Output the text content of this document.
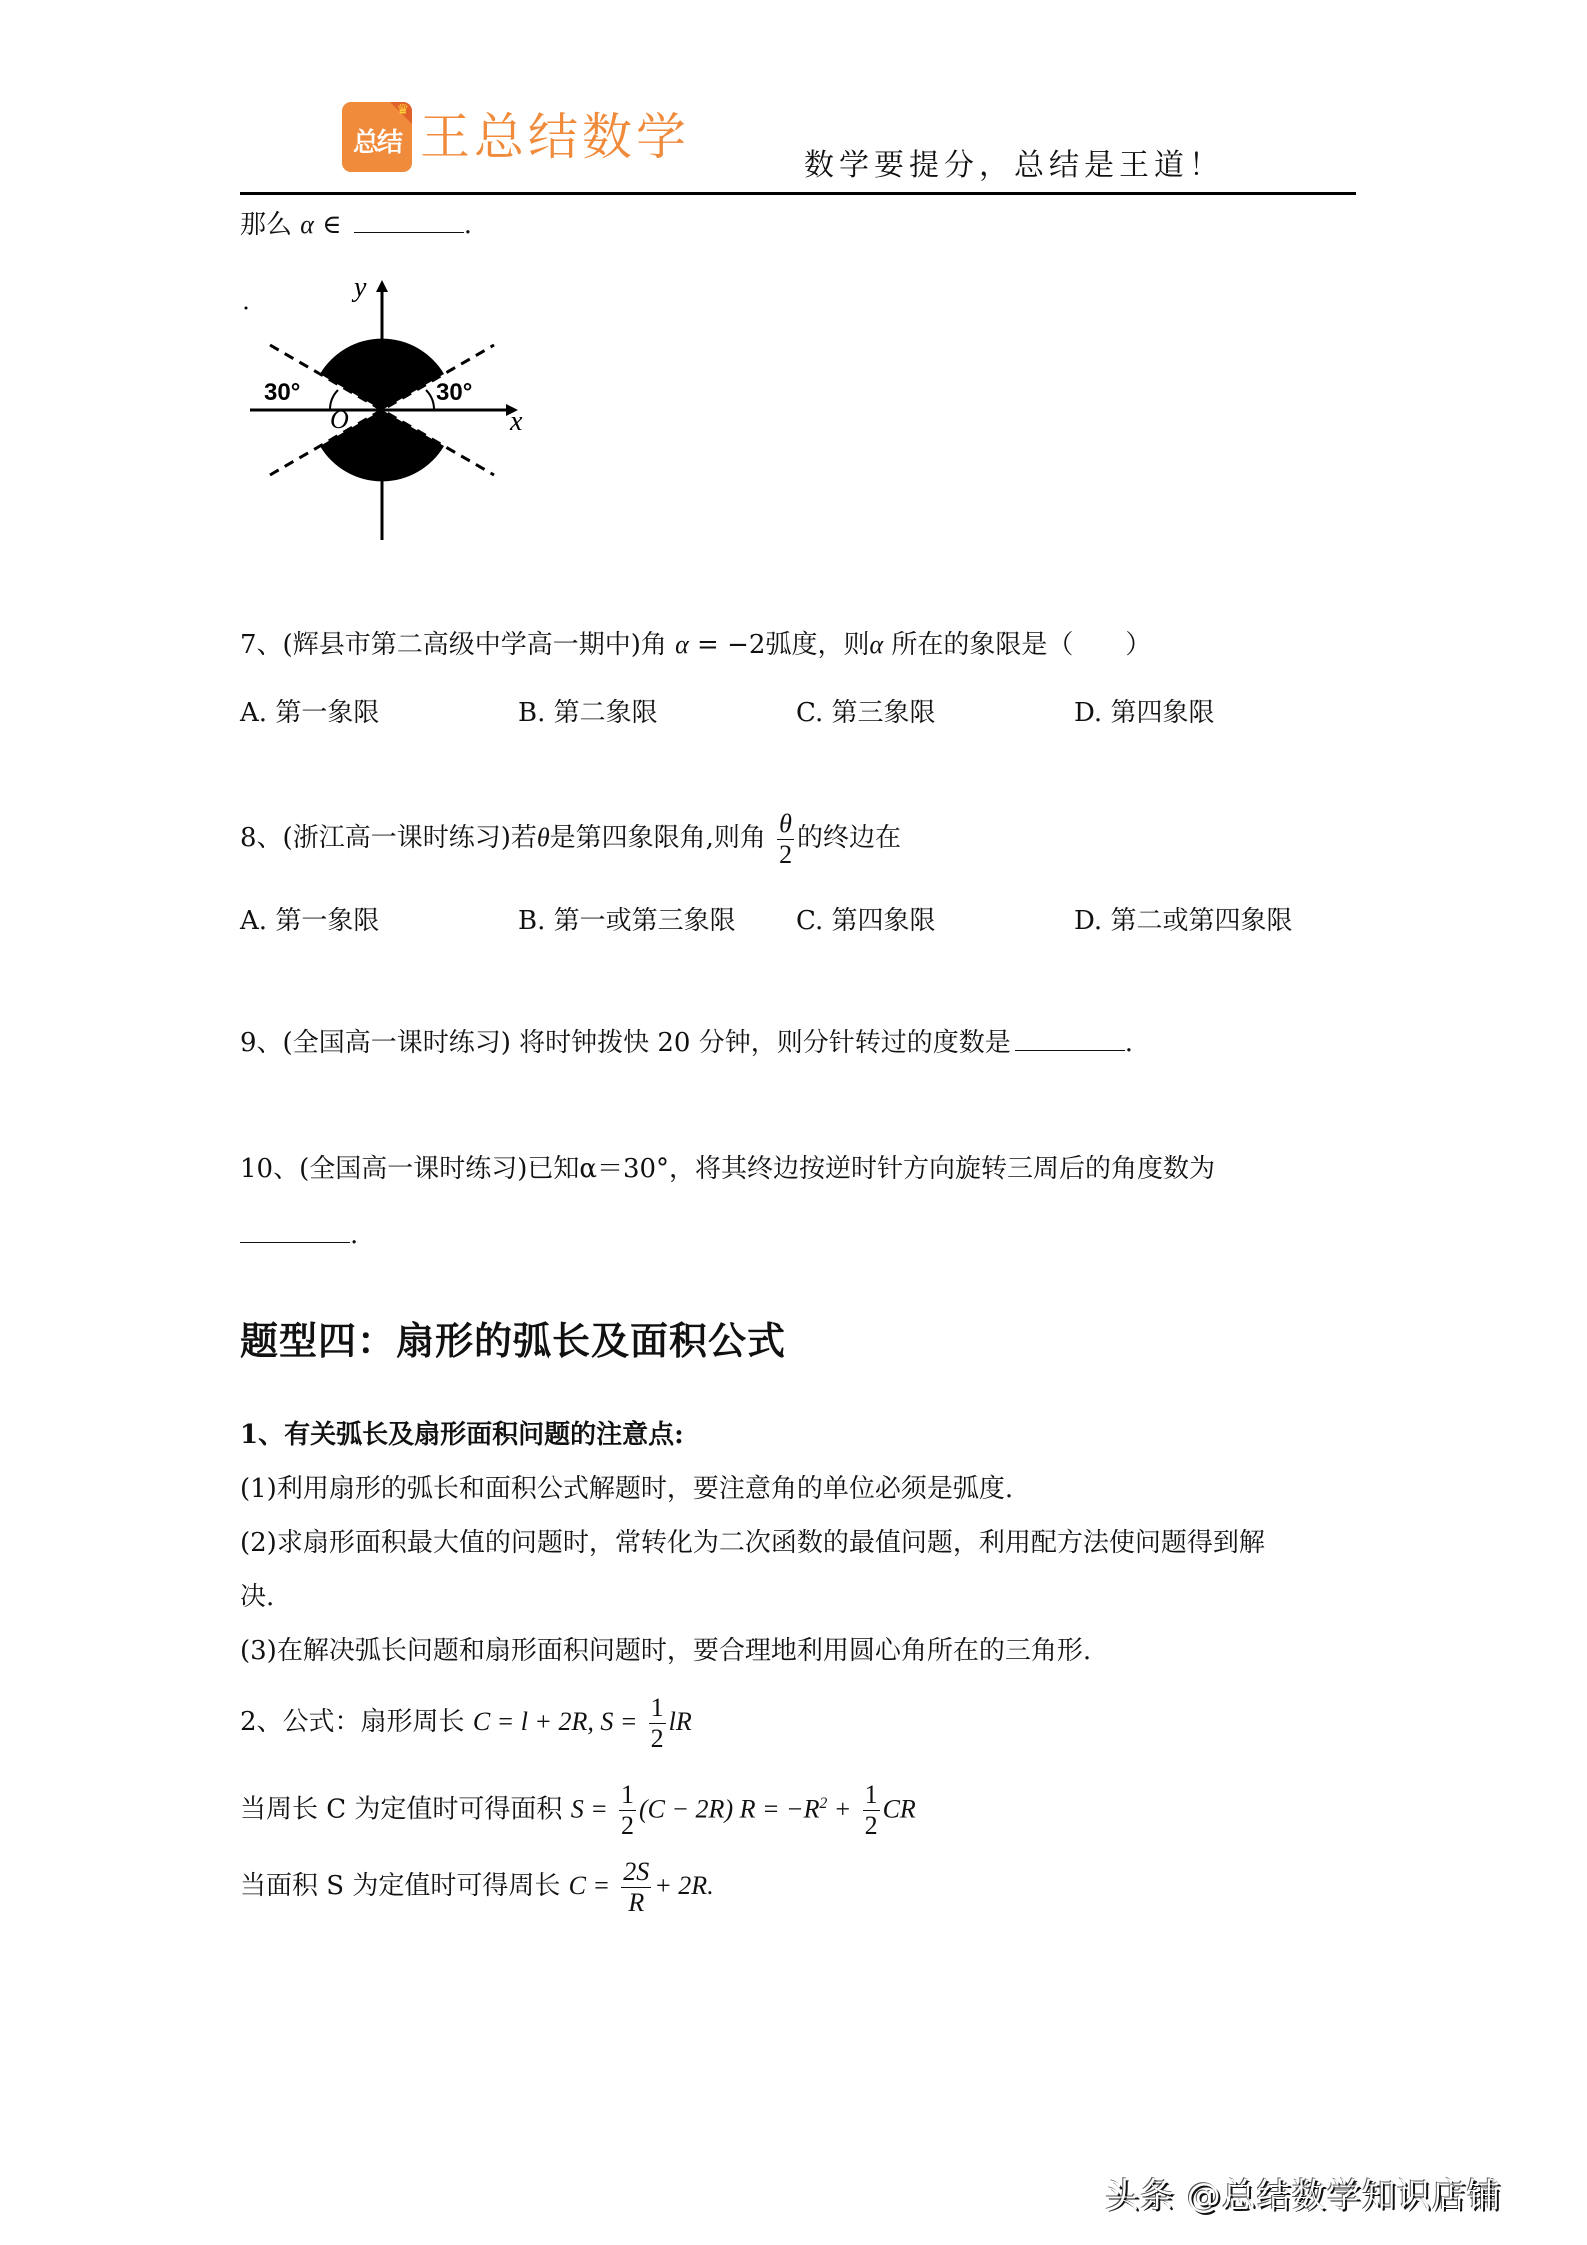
♛
总结 王总结数学	数学要提分，总结是王道！
那么 α ∈	.
x
y
O
30°	30°
7、(辉县市第二高级中学高一期中)角 α = −2弧度，则α 所在的象限是（　　）
A. 第一象限	B. 第二象限	C. 第三象限	D. 第四象限
8、(浙江高一课时练习)若θ是第四象限角,则角 $\frac{\theta}{2}$ 的终边在
A. 第一象限	B. 第一或第三象限 C. 第四象限	D. 第二或第四象限
9、(全国高一课时练习) 将时钟拨快 20 分钟，则分针转过的度数是	.
10、(全国高一课时练习)已知α＝30°，将其终边按逆时针方向旋转三周后的角度数为
.
题型四：扇形的弧长及面积公式
1、有关弧长及扇形面积问题的注意点:
(1)利用扇形的弧长和面积公式解题时，要注意角的单位必须是弧度.
(2)求扇形面积最大值的问题时，常转化为二次函数的最值问题，利用配方法使问题得到解
决.
(3)在解决弧长问题和扇形面积问题时，要合理地利用圆心角所在的三角形.
2、公式：扇形周长 C = l + 2R, $S = \frac{1}{2}$ lR
当周长 C 为定值时可得面积 $S = \frac{1}{2} (C - 2R) R = -R^2 + \frac{1}{2}$ CR
当面积 S 为定值时可得周长 $C = \frac{2S}{R} + 2R$.
头条 @总结数学知识店铺
